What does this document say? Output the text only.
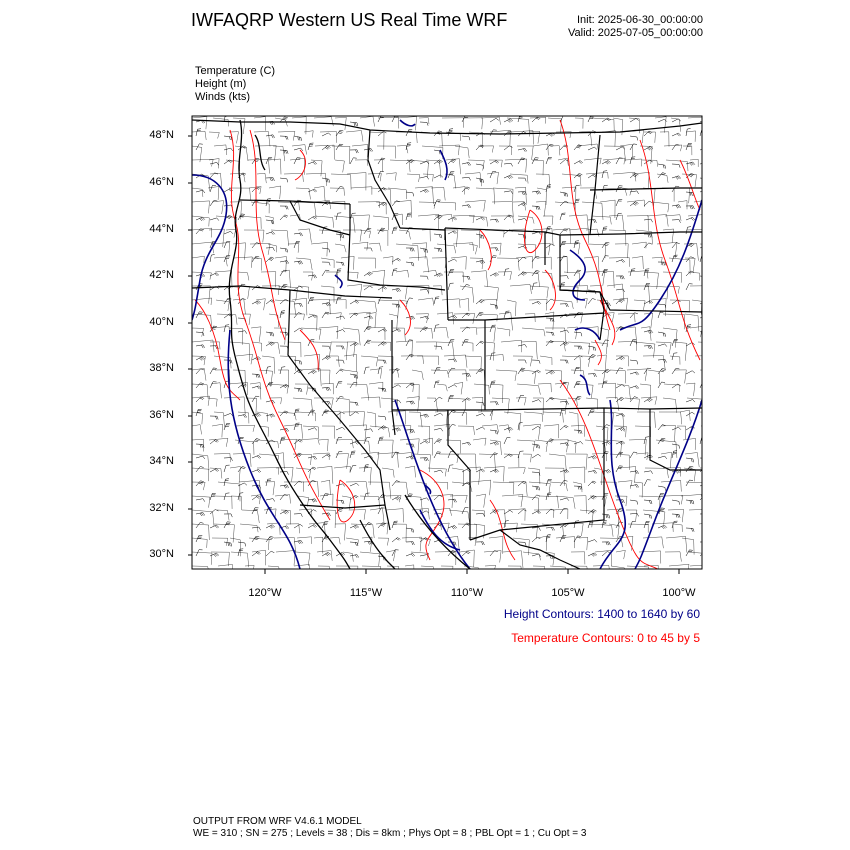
IWFAQRP Western US Real Time WRF	Init: 2025-06-30_00:00:00
Valid: 2025-07-05_00:00:00
Temperature (C)
Height (m)
Winds (kts)
48°N
46°N
44°N
42°N
40°N
38°N
36°N
34°N
32°N
30°N
120°W	115°W	110°W	105°W	100°W
Height Contours: 1400 to 1640 by 60
Temperature Contours: 0 to 45 by 5
OUTPUT FROM WRF V4.6.1 MODEL
WE = 310 ; SN = 275 ; Levels = 38 ; Dis = 8km ; Phys Opt = 8 ; PBL Opt = 1 ; Cu Opt = 3
